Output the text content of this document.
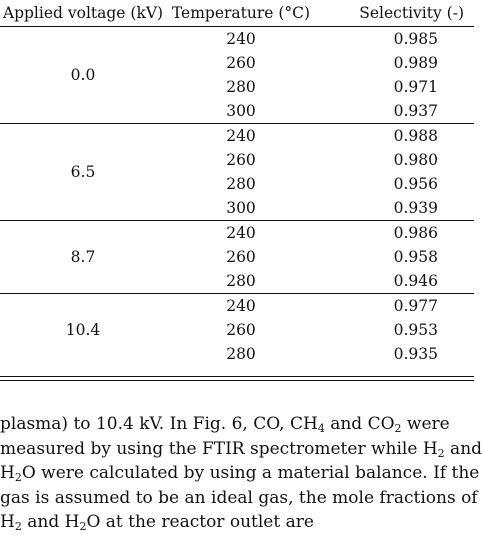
Applied voltage (kV)	Temperature (°C)	Selectivity (-)
0.0	240	0.985
	260	0.989
	280	0.971
	300	0.937
6.5	240	0.988
	260	0.980
	280	0.956
	300	0.939
8.7	240	0.986
	260	0.958
	280	0.946
10.4	240	0.977
	260	0.953
	280	0.935
plasma) to 10.4 kV. In Fig. 6, CO, $CH_4$ and $CO_2$ were
measured by using the FTIR spectrometer while $H_2$ and
$H_2O$ were calculated by using a material balance. If the
gas is assumed to be an ideal gas, the mole fractions of
$H_2$ and $H_2O$ at the reactor outlet are
